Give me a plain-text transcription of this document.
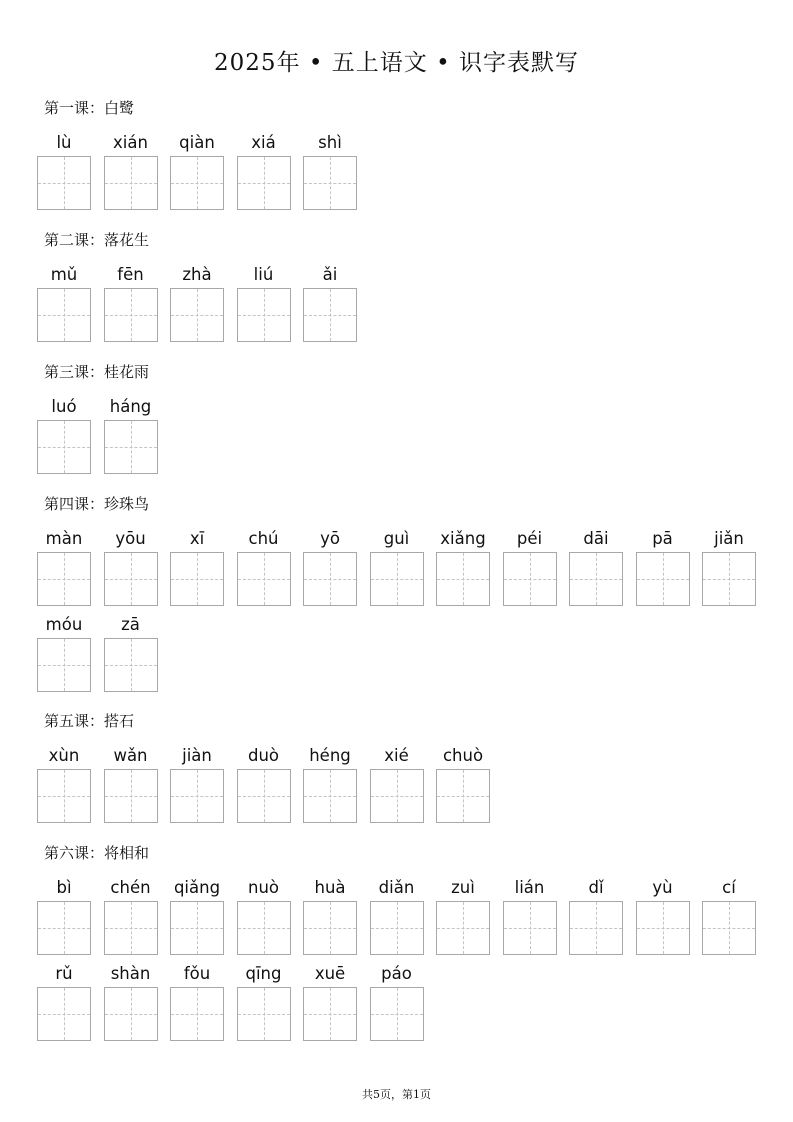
2025年 • 五上语文 • 识字表默写
第一课：白鹭
lù	xián	qiàn	xiá	shì
第二课：落花生
mǔ	fēn	zhà	liú	ǎi
第三课：桂花雨
luó	háng
第四课：珍珠鸟
màn	yōu	xī	chú	yō	guì	xiǎng	péi	dāi	pā	jiǎn
móu	zā
第五课：搭石
xùn	wǎn	jiàn	duò	héng	xié	chuò
第六课：将相和
bì	chén	qiǎng	nuò	huà	diǎn	zuì	lián	dǐ	yù	cí
rǔ	shàn	fǒu	qīng	xuē	páo
共5页，第1页
